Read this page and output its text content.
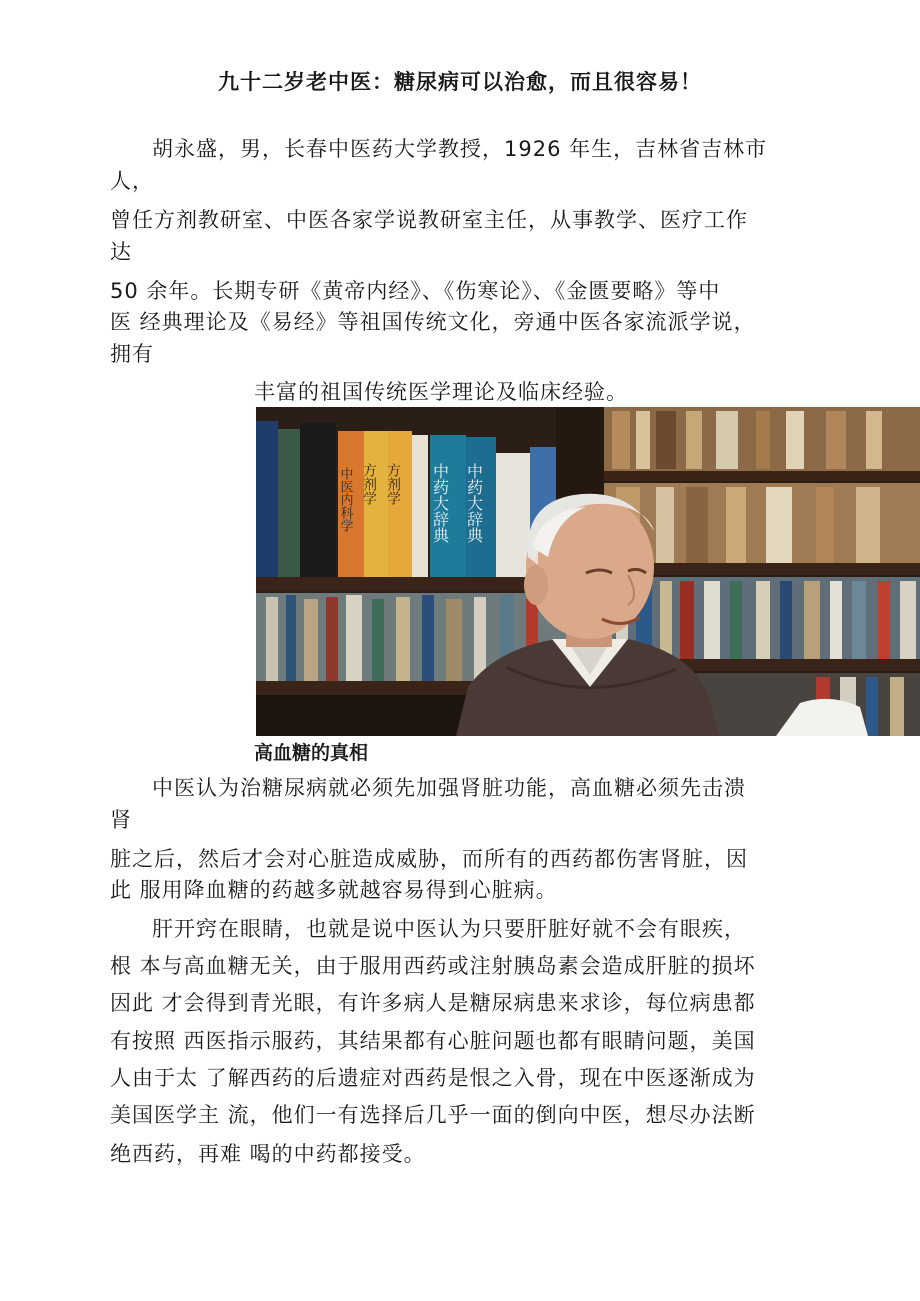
九十二岁老中医：糖尿病可以治愈，而且很容易！

胡永盛，男，长春中医药大学教授，1926 年生，吉林省吉林市

人，

曾任方剂教研室、中医各家学说教研室主任，从事教学、医疗工作

达

50 余年。长期专研《黄帝内经》、《伤寒论》、《金匮要略》等中

医 经典理论及《易经》等祖国传统文化，旁通中医各家流派学说，

拥有

丰富的祖国传统医学理论及临床经验。

中医内科学 方剂学 方剂学 中药大辞典 中药大辞典

高血糖的真相

中医认为治糖尿病就必须先加强肾脏功能，高血糖必须先击溃

肾

脏之后，然后才会对心脏造成威胁，而所有的西药都伤害肾脏，因

此 服用降血糖的药越多就越容易得到心脏病。

肝开窍在眼睛，也就是说中医认为只要肝脏好就不会有眼疾，

根 本与高血糖无关，由于服用西药或注射胰岛素会造成肝脏的损坏

因此 才会得到青光眼，有许多病人是糖尿病患来求诊，每位病患都

有按照 西医指示服药，其结果都有心脏问题也都有眼睛问题，美国

人由于太 了解西药的后遗症对西药是恨之入骨，现在中医逐渐成为

美国医学主 流，他们一有选择后几乎一面的倒向中医，想尽办法断

绝西药，再难 喝的中药都接受。
